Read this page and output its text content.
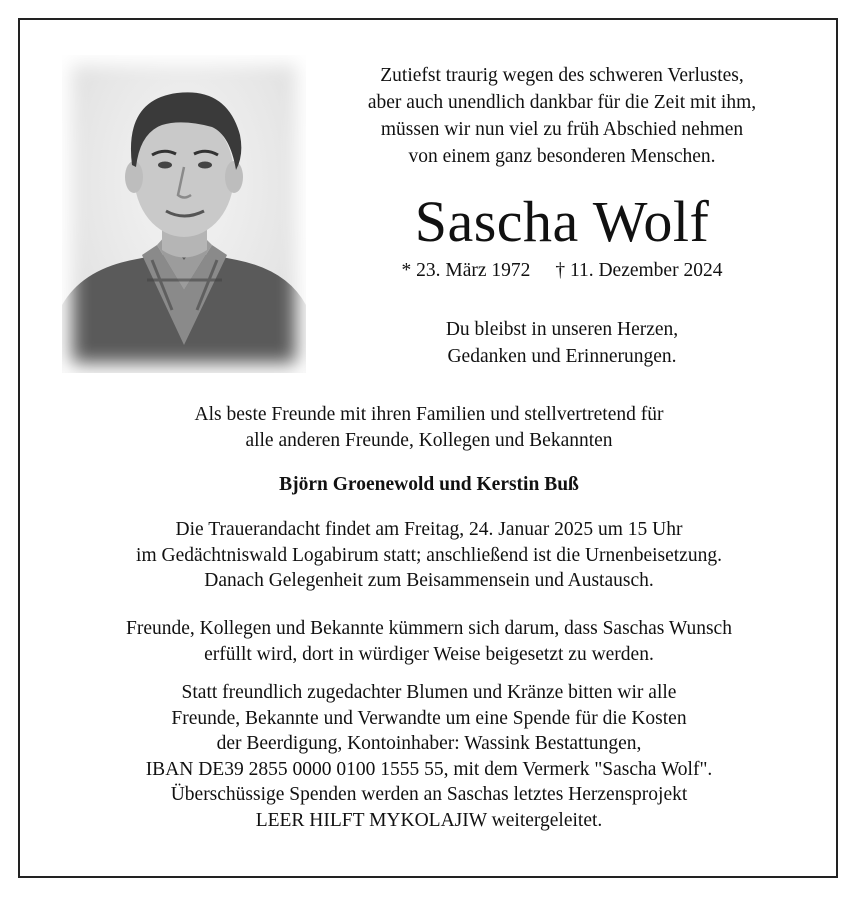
Zutiefst traurig wegen des schweren Verlustes,
aber auch unendlich dankbar für die Zeit mit ihm,
müssen wir nun viel zu früh Abschied nehmen
von einem ganz besonderen Menschen.
Sascha Wolf
* 23. März 1972 † 11. Dezember 2024
Du bleibst in unseren Herzen,
Gedanken und Erinnerungen.
Als beste Freunde mit ihren Familien und stellvertretend für
alle anderen Freunde, Kollegen und Bekannten
Björn Groenewold und Kerstin Buß
Die Trauerandacht findet am Freitag, 24. Januar 2025 um 15 Uhr
im Gedächtniswald Logabirum statt; anschließend ist die Urnenbeisetzung.
Danach Gelegenheit zum Beisammensein und Austausch.
Freunde, Kollegen und Bekannte kümmern sich darum, dass Saschas Wunsch
erfüllt wird, dort in würdiger Weise beigesetzt zu werden.
Statt freundlich zugedachter Blumen und Kränze bitten wir alle
Freunde, Bekannte und Verwandte um eine Spende für die Kosten
der Beerdigung, Kontoinhaber: Wassink Bestattungen,
IBAN DE39 2855 0000 0100 1555 55, mit dem Vermerk "Sascha Wolf".
Überschüssige Spenden werden an Saschas letztes Herzensprojekt
LEER HILFT MYKOLAJIW weitergeleitet.
